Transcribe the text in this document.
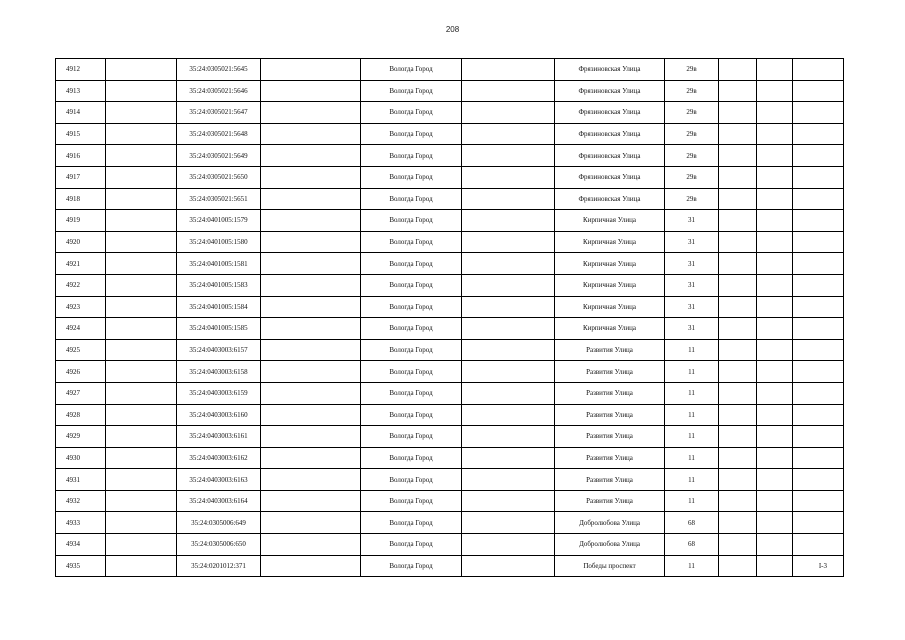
208
4912		35:24:0305021:5645		Вологда Город		Фрязиновская Улица	29в			
4913		35:24:0305021:5646		Вологда Город		Фрязиновская Улица	29в			
4914		35:24:0305021:5647		Вологда Город		Фрязиновская Улица	29в			
4915		35:24:0305021:5648		Вологда Город		Фрязиновская Улица	29в			
4916		35:24:0305021:5649		Вологда Город		Фрязиновская Улица	29в			
4917		35:24:0305021:5650		Вологда Город		Фрязиновская Улица	29в			
4918		35:24:0305021:5651		Вологда Город		Фрязиновская Улица	29в			
4919		35:24:0401005:1579		Вологда Город		Кирпичная Улица	31			
4920		35:24:0401005:1580		Вологда Город		Кирпичная Улица	31			
4921		35:24:0401005:1581		Вологда Город		Кирпичная Улица	31			
4922		35:24:0401005:1583		Вологда Город		Кирпичная Улица	31			
4923		35:24:0401005:1584		Вологда Город		Кирпичная Улица	31			
4924		35:24:0401005:1585		Вологда Город		Кирпичная Улица	31			
4925		35:24:0403003:6157		Вологда Город		Развития Улица	11			
4926		35:24:0403003:6158		Вологда Город		Развития Улица	11			
4927		35:24:0403003:6159		Вологда Город		Развития Улица	11			
4928		35:24:0403003:6160		Вологда Город		Развития Улица	11			
4929		35:24:0403003:6161		Вологда Город		Развития Улица	11			
4930		35:24:0403003:6162		Вологда Город		Развития Улица	11			
4931		35:24:0403003:6163		Вологда Город		Развития Улица	11			
4932		35:24:0403003:6164		Вологда Город		Развития Улица	11			
4933		35:24:0305006:649		Вологда Город		Добролюбова Улица	68			
4934		35:24:0305006:650		Вологда Город		Добролюбова Улица	68			
4935		35:24:0201012:371		Вологда Город		Победы проспект	11			I-3
